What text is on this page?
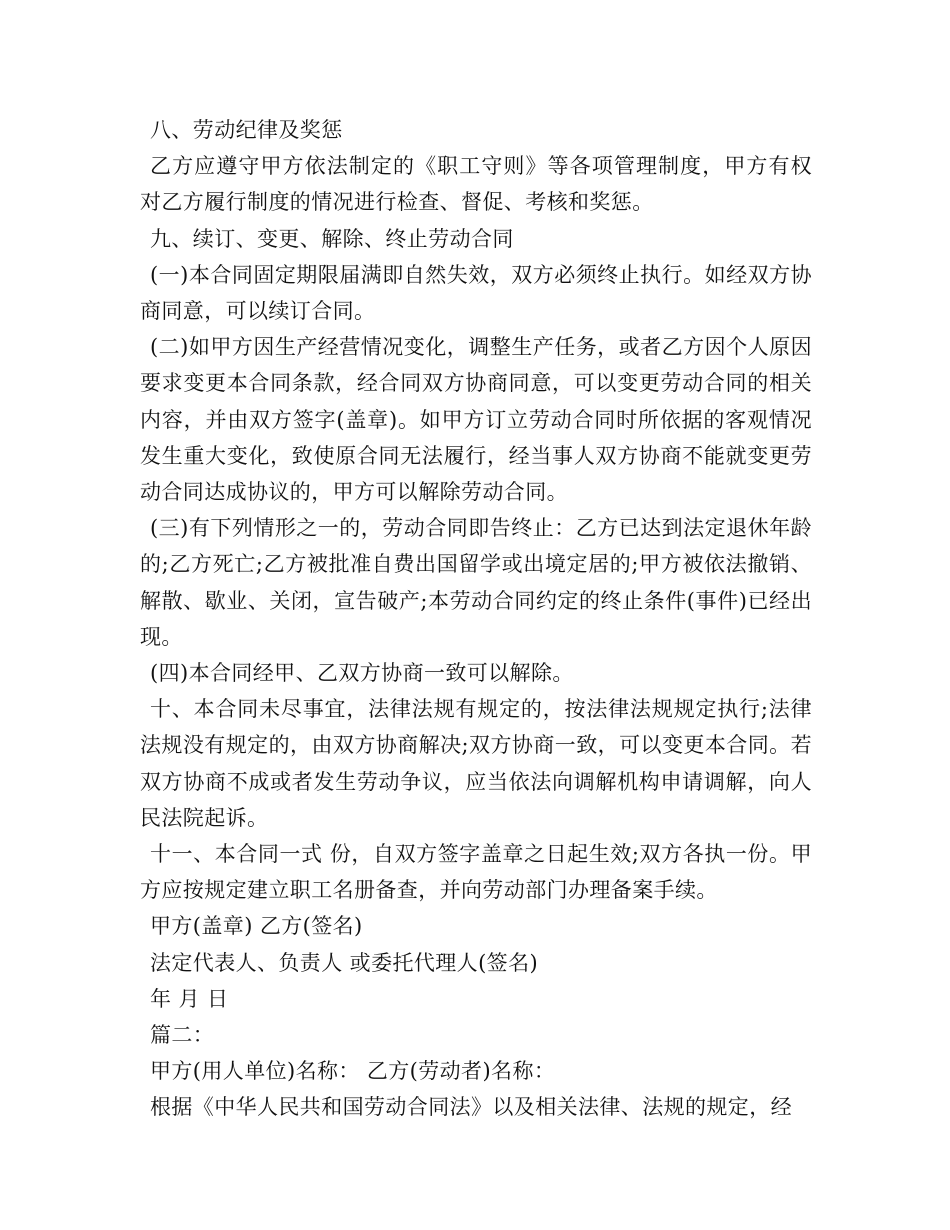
八、劳动纪律及奖惩

乙方应遵守甲方依法制定的《职工守则》等各项管理制度，甲方有权对乙方履行制度的情况进行检查、督促、考核和奖惩。

九、续订、变更、解除、终止劳动合同

(一)本合同固定期限届满即自然失效，双方必须终止执行。如经双方协商同意，可以续订合同。

(二)如甲方因生产经营情况变化，调整生产任务，或者乙方因个人原因要求变更本合同条款，经合同双方协商同意，可以变更劳动合同的相关内容，并由双方签字(盖章)。如甲方订立劳动合同时所依据的客观情况发生重大变化，致使原合同无法履行，经当事人双方协商不能就变更劳动合同达成协议的，甲方可以解除劳动合同。

(三)有下列情形之一的，劳动合同即告终止：乙方已达到法定退休年龄的;乙方死亡;乙方被批准自费出国留学或出境定居的;甲方被依法撤销、解散、歇业、关闭，宣告破产;本劳动合同约定的终止条件(事件)已经出现。

(四)本合同经甲、乙双方协商一致可以解除。

十、本合同未尽事宜，法律法规有规定的，按法律法规规定执行;法律法规没有规定的，由双方协商解决;双方协商一致，可以变更本合同。若双方协商不成或者发生劳动争议，应当依法向调解机构申请调解，向人民法院起诉。

十一、本合同一式 份，自双方签字盖章之日起生效;双方各执一份。甲方应按规定建立职工名册备查，并向劳动部门办理备案手续。

甲方(盖章) 乙方(签名)

法定代表人、负责人 或委托代理人(签名)

年 月 日

篇二：

甲方(用人单位)名称： 乙方(劳动者)名称：

根据《中华人民共和国劳动合同法》以及相关法律、法规的规定，经
